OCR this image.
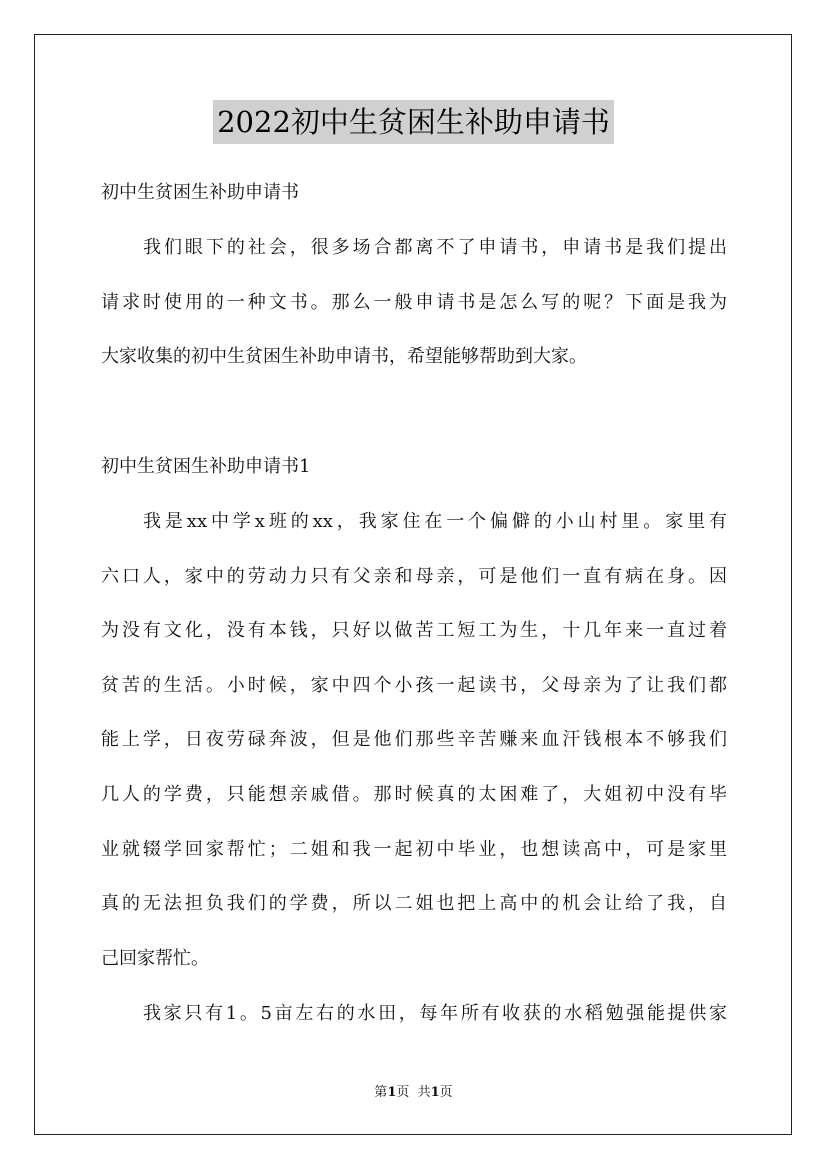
2022初中生贫困生补助申请书
初中生贫困生补助申请书
我们眼下的社会，很多场合都离不了申请书，申请书是我们提出
请求时使用的一种文书。那么一般申请书是怎么写的呢？下面是我为
大家收集的初中生贫困生补助申请书，希望能够帮助到大家。
初中生贫困生补助申请书1
我是xx中学x班的xx，我家住在一个偏僻的小山村里。家里有
六口人，家中的劳动力只有父亲和母亲，可是他们一直有病在身。因
为没有文化，没有本钱，只好以做苦工短工为生，十几年来一直过着
贫苦的生活。小时候，家中四个小孩一起读书，父母亲为了让我们都
能上学，日夜劳碌奔波，但是他们那些辛苦赚来血汗钱根本不够我们
几人的学费，只能想亲戚借。那时候真的太困难了，大姐初中没有毕
业就辍学回家帮忙；二姐和我一起初中毕业，也想读高中，可是家里
真的无法担负我们的学费，所以二姐也把上高中的机会让给了我，自
己回家帮忙。
我家只有1。5亩左右的水田，每年所有收获的水稻勉强能提供家
第1页  共1页
